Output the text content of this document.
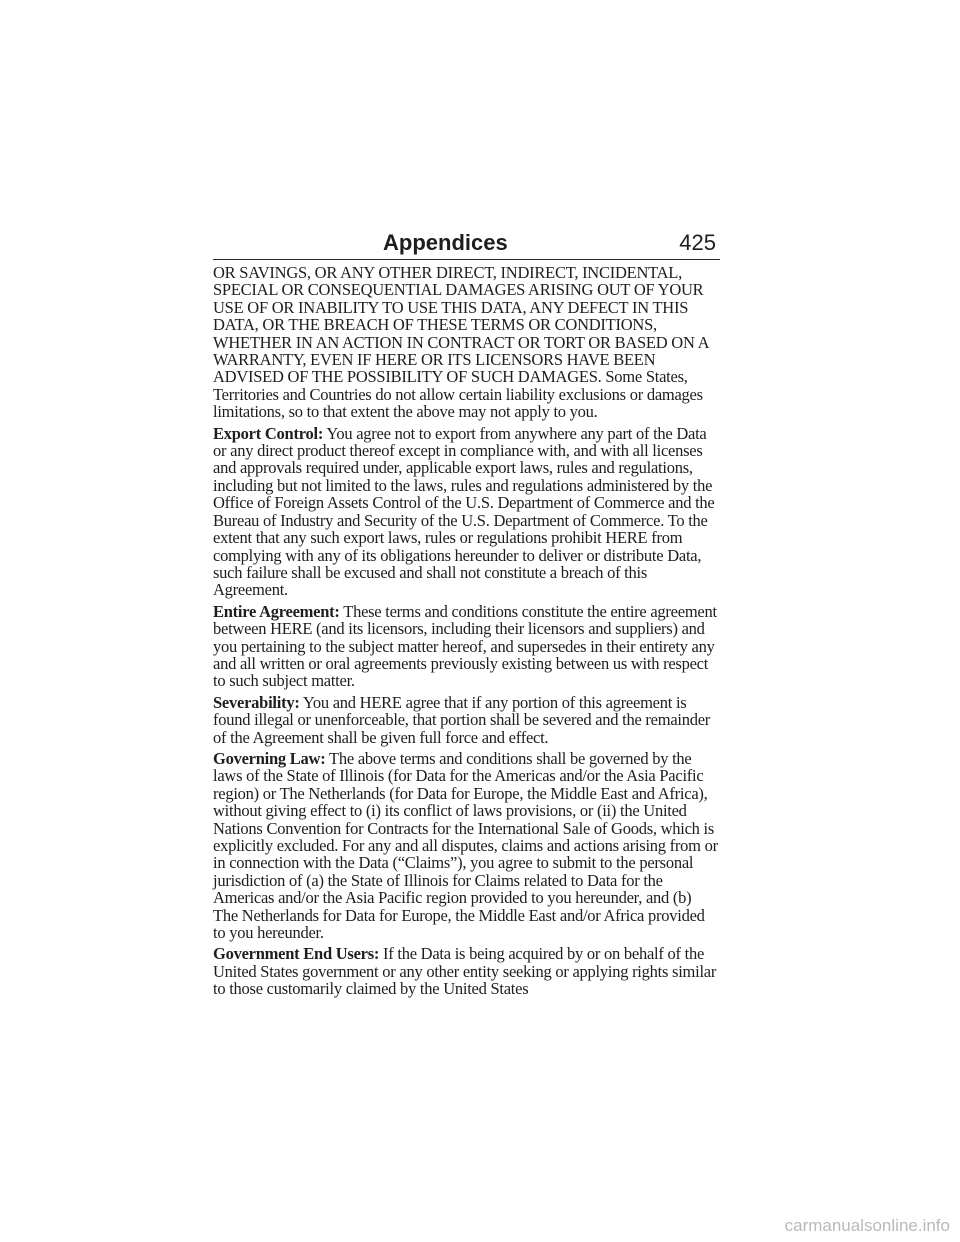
Appendices	425

OR SAVINGS, OR ANY OTHER DIRECT, INDIRECT, INCIDENTAL, SPECIAL OR CONSEQUENTIAL DAMAGES ARISING OUT OF YOUR USE OF OR INABILITY TO USE THIS DATA, ANY DEFECT IN THIS DATA, OR THE BREACH OF THESE TERMS OR CONDITIONS, WHETHER IN AN ACTION IN CONTRACT OR TORT OR BASED ON A WARRANTY, EVEN IF HERE OR ITS LICENSORS HAVE BEEN ADVISED OF THE POSSIBILITY OF SUCH DAMAGES. Some States, Territories and Countries do not allow certain liability exclusions or damages limitations, so to that extent the above may not apply to you.

Export Control: You agree not to export from anywhere any part of the Data or any direct product thereof except in compliance with, and with all licenses and approvals required under, applicable export laws, rules and regulations, including but not limited to the laws, rules and regulations administered by the Office of Foreign Assets Control of the U.S. Department of Commerce and the Bureau of Industry and Security of the U.S. Department of Commerce. To the extent that any such export laws, rules or regulations prohibit HERE from complying with any of its obligations hereunder to deliver or distribute Data, such failure shall be excused and shall not constitute a breach of this Agreement.

Entire Agreement: These terms and conditions constitute the entire agreement between HERE (and its licensors, including their licensors and suppliers) and you pertaining to the subject matter hereof, and supersedes in their entirety any and all written or oral agreements previously existing between us with respect to such subject matter.

Severability: You and HERE agree that if any portion of this agreement is found illegal or unenforceable, that portion shall be severed and the remainder of the Agreement shall be given full force and effect.

Governing Law: The above terms and conditions shall be governed by the laws of the State of Illinois (for Data for the Americas and/or the Asia Pacific region) or The Netherlands (for Data for Europe, the Middle East and Africa), without giving effect to (i) its conflict of laws provisions, or (ii) the United Nations Convention for Contracts for the International Sale of Goods, which is explicitly excluded. For any and all disputes, claims and actions arising from or in connection with the Data (“Claims”), you agree to submit to the personal jurisdiction of (a) the State of Illinois for Claims related to Data for the Americas and/or the Asia Pacific region provided to you hereunder, and (b) The Netherlands for Data for Europe, the Middle East and/or Africa provided to you hereunder.

Government End Users: If the Data is being acquired by or on behalf of the United States government or any other entity seeking or applying rights similar to those customarily claimed by the United States

carmanualsonline.info
